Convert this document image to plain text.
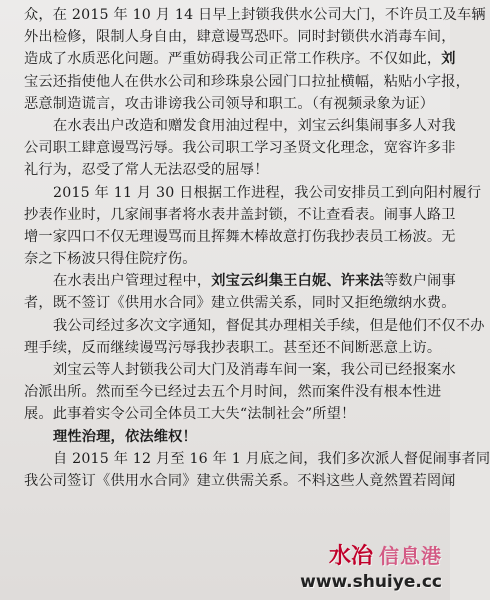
众，在 2015 年 10 月 14 日早上封锁我供水公司大门，不许员工及车辆
外出检修，限制人身自由，肆意谩骂恐吓。同时封锁供水消毒车间，
造成了水质恶化问题。严重妨碍我公司正常工作秩序。不仅如此，刘
宝云还指使他人在供水公司和珍珠泉公园门口拉扯横幅，粘贴小字报，
恶意制造谎言，攻击诽谤我公司领导和职工。（有视频录象为证）
在水表出户改造和赠发食用油过程中，刘宝云纠集闹事多人对我
公司职工肆意谩骂污辱。我公司职工学习圣贤文化理念，宽容许多非
礼行为，忍受了常人无法忍受的屈辱！
2015 年 11 月 30 日根据工作进程，我公司安排员工到向阳村履行
抄表作业时，几家闹事者将水表井盖封锁，不让查看表。闹事人路卫
增一家四口不仅无理谩骂而且挥舞木棒故意打伤我抄表员工杨波。无
奈之下杨波只得住院疗伤。
在水表出户管理过程中，刘宝云纠集王白妮、许来法等数户闹事
者，既不签订《供用水合同》建立供需关系，同时又拒绝缴纳水费。
我公司经过多次文字通知，督促其办理相关手续，但是他们不仅不办
理手续，反而继续谩骂污辱我抄表职工。甚至还不间断恶意上访。
刘宝云等人封锁我公司大门及消毒车间一案，我公司已经报案水
冶派出所。然而至今已经过去五个月时间，然而案件没有根本性进
展。此事着实令公司全体员工大失“法制社会”所望！
理性治理，依法维权！
自 2015 年 12 月至 16 年 1 月底之间，我们多次派人督促闹事者同
我公司签订《供用水合同》建立供需关系。不料这些人竟然置若罔闻
水冶 信息港
www.shuiye.cc
